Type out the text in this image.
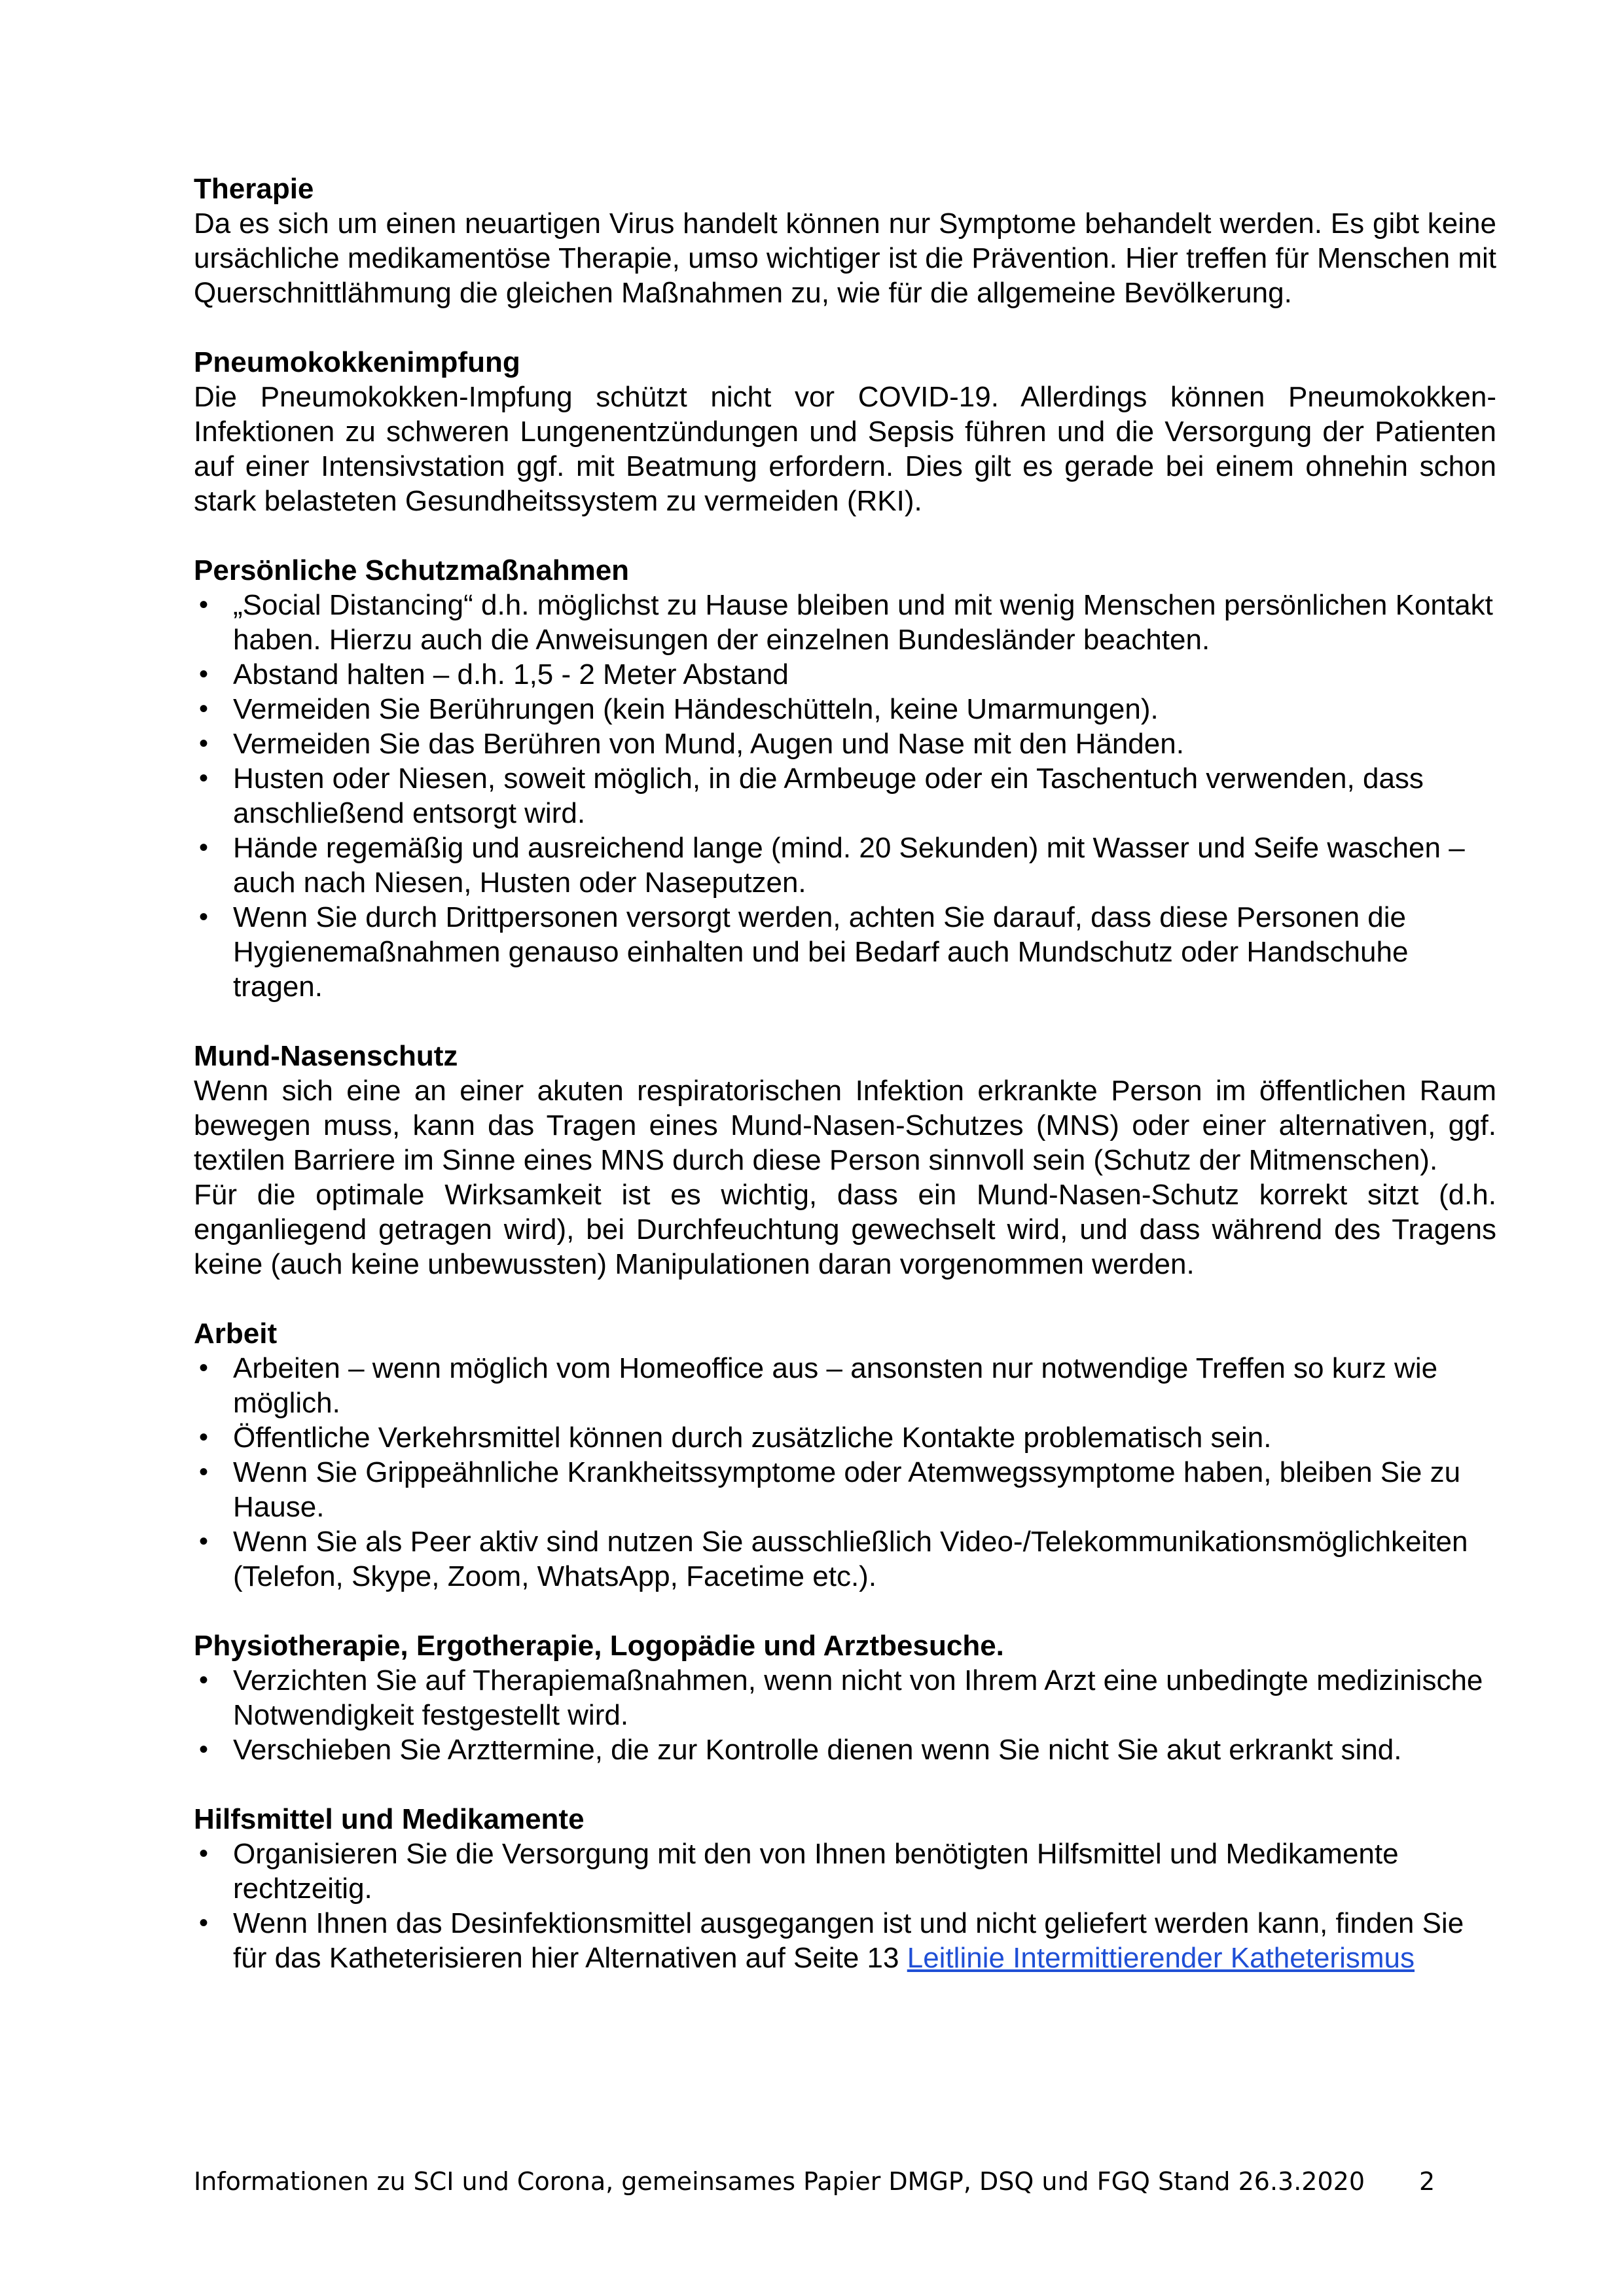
Therapie

Da es sich um einen neuartigen Virus handelt können nur Symptome behandelt werden. Es gibt keine ursächliche medikamentöse Therapie, umso wichtiger ist die Prävention. Hier treffen für Menschen mit Querschnittlähmung die gleichen Maßnahmen zu, wie für die allgemeine Bevölkerung.

Pneumokokkenimpfung

Die Pneumokokken-Impfung schützt nicht vor COVID-19. Allerdings können Pneumokokken-Infektionen zu schweren Lungenentzündungen und Sepsis führen und die Versorgung der Patienten auf einer Intensivstation ggf. mit Beatmung erfordern. Dies gilt es gerade bei einem ohnehin schon stark belasteten Gesundheitssystem zu vermeiden (RKI).

Persönliche Schutzmaßnahmen

• „Social Distancing“ d.h. möglichst zu Hause bleiben und mit wenig Menschen persönlichen Kontakt haben. Hierzu auch die Anweisungen der einzelnen Bundesländer beachten.
• Abstand halten – d.h. 1,5 - 2 Meter Abstand
• Vermeiden Sie Berührungen (kein Händeschütteln, keine Umarmungen).
• Vermeiden Sie das Berühren von Mund, Augen und Nase mit den Händen.
• Husten oder Niesen, soweit möglich, in die Armbeuge oder ein Taschentuch verwenden, dass anschließend entsorgt wird.
• Hände regemäßig und ausreichend lange (mind. 20 Sekunden) mit Wasser und Seife waschen – auch nach Niesen, Husten oder Naseputzen.
• Wenn Sie durch Drittpersonen versorgt werden, achten Sie darauf, dass diese Personen die Hygienemaßnahmen genauso einhalten und bei Bedarf auch Mundschutz oder Handschuhe tragen.

Mund-Nasenschutz

Wenn sich eine an einer akuten respiratorischen Infektion erkrankte Person im öffentlichen Raum bewegen muss, kann das Tragen eines Mund-Nasen-Schutzes (MNS) oder einer alternativen, ggf. textilen Barriere im Sinne eines MNS durch diese Person sinnvoll sein (Schutz der Mitmenschen).

Für die optimale Wirksamkeit ist es wichtig, dass ein Mund-Nasen-Schutz korrekt sitzt (d.h. enganliegend getragen wird), bei Durchfeuchtung gewechselt wird, und dass während des Tragens keine (auch keine unbewussten) Manipulationen daran vorgenommen werden.

Arbeit

• Arbeiten – wenn möglich vom Homeoffice aus – ansonsten nur notwendige Treffen so kurz wie möglich.
• Öffentliche Verkehrsmittel können durch zusätzliche Kontakte problematisch sein.
• Wenn Sie Grippeähnliche Krankheitssymptome oder Atemwegssymptome haben, bleiben Sie zu Hause.
• Wenn Sie als Peer aktiv sind nutzen Sie ausschließlich Video-/Telekommunikationsmöglichkeiten (Telefon, Skype, Zoom, WhatsApp, Facetime etc.).

Physiotherapie, Ergotherapie, Logopädie und Arztbesuche.

• Verzichten Sie auf Therapiemaßnahmen, wenn nicht von Ihrem Arzt eine unbedingte medizinische Notwendigkeit festgestellt wird.
• Verschieben Sie Arzttermine, die zur Kontrolle dienen wenn Sie nicht Sie akut erkrankt sind.

Hilfsmittel und Medikamente

• Organisieren Sie die Versorgung mit den von Ihnen benötigten Hilfsmittel und Medikamente rechtzeitig.
• Wenn Ihnen das Desinfektionsmittel ausgegangen ist und nicht geliefert werden kann, finden Sie für das Katheterisieren hier Alternativen auf Seite 13 Leitlinie Intermittierender Katheterismus
Informationen zu SCI und Corona, gemeinsames Papier DMGP, DSQ und FGQ Stand 26.3.2020	2
